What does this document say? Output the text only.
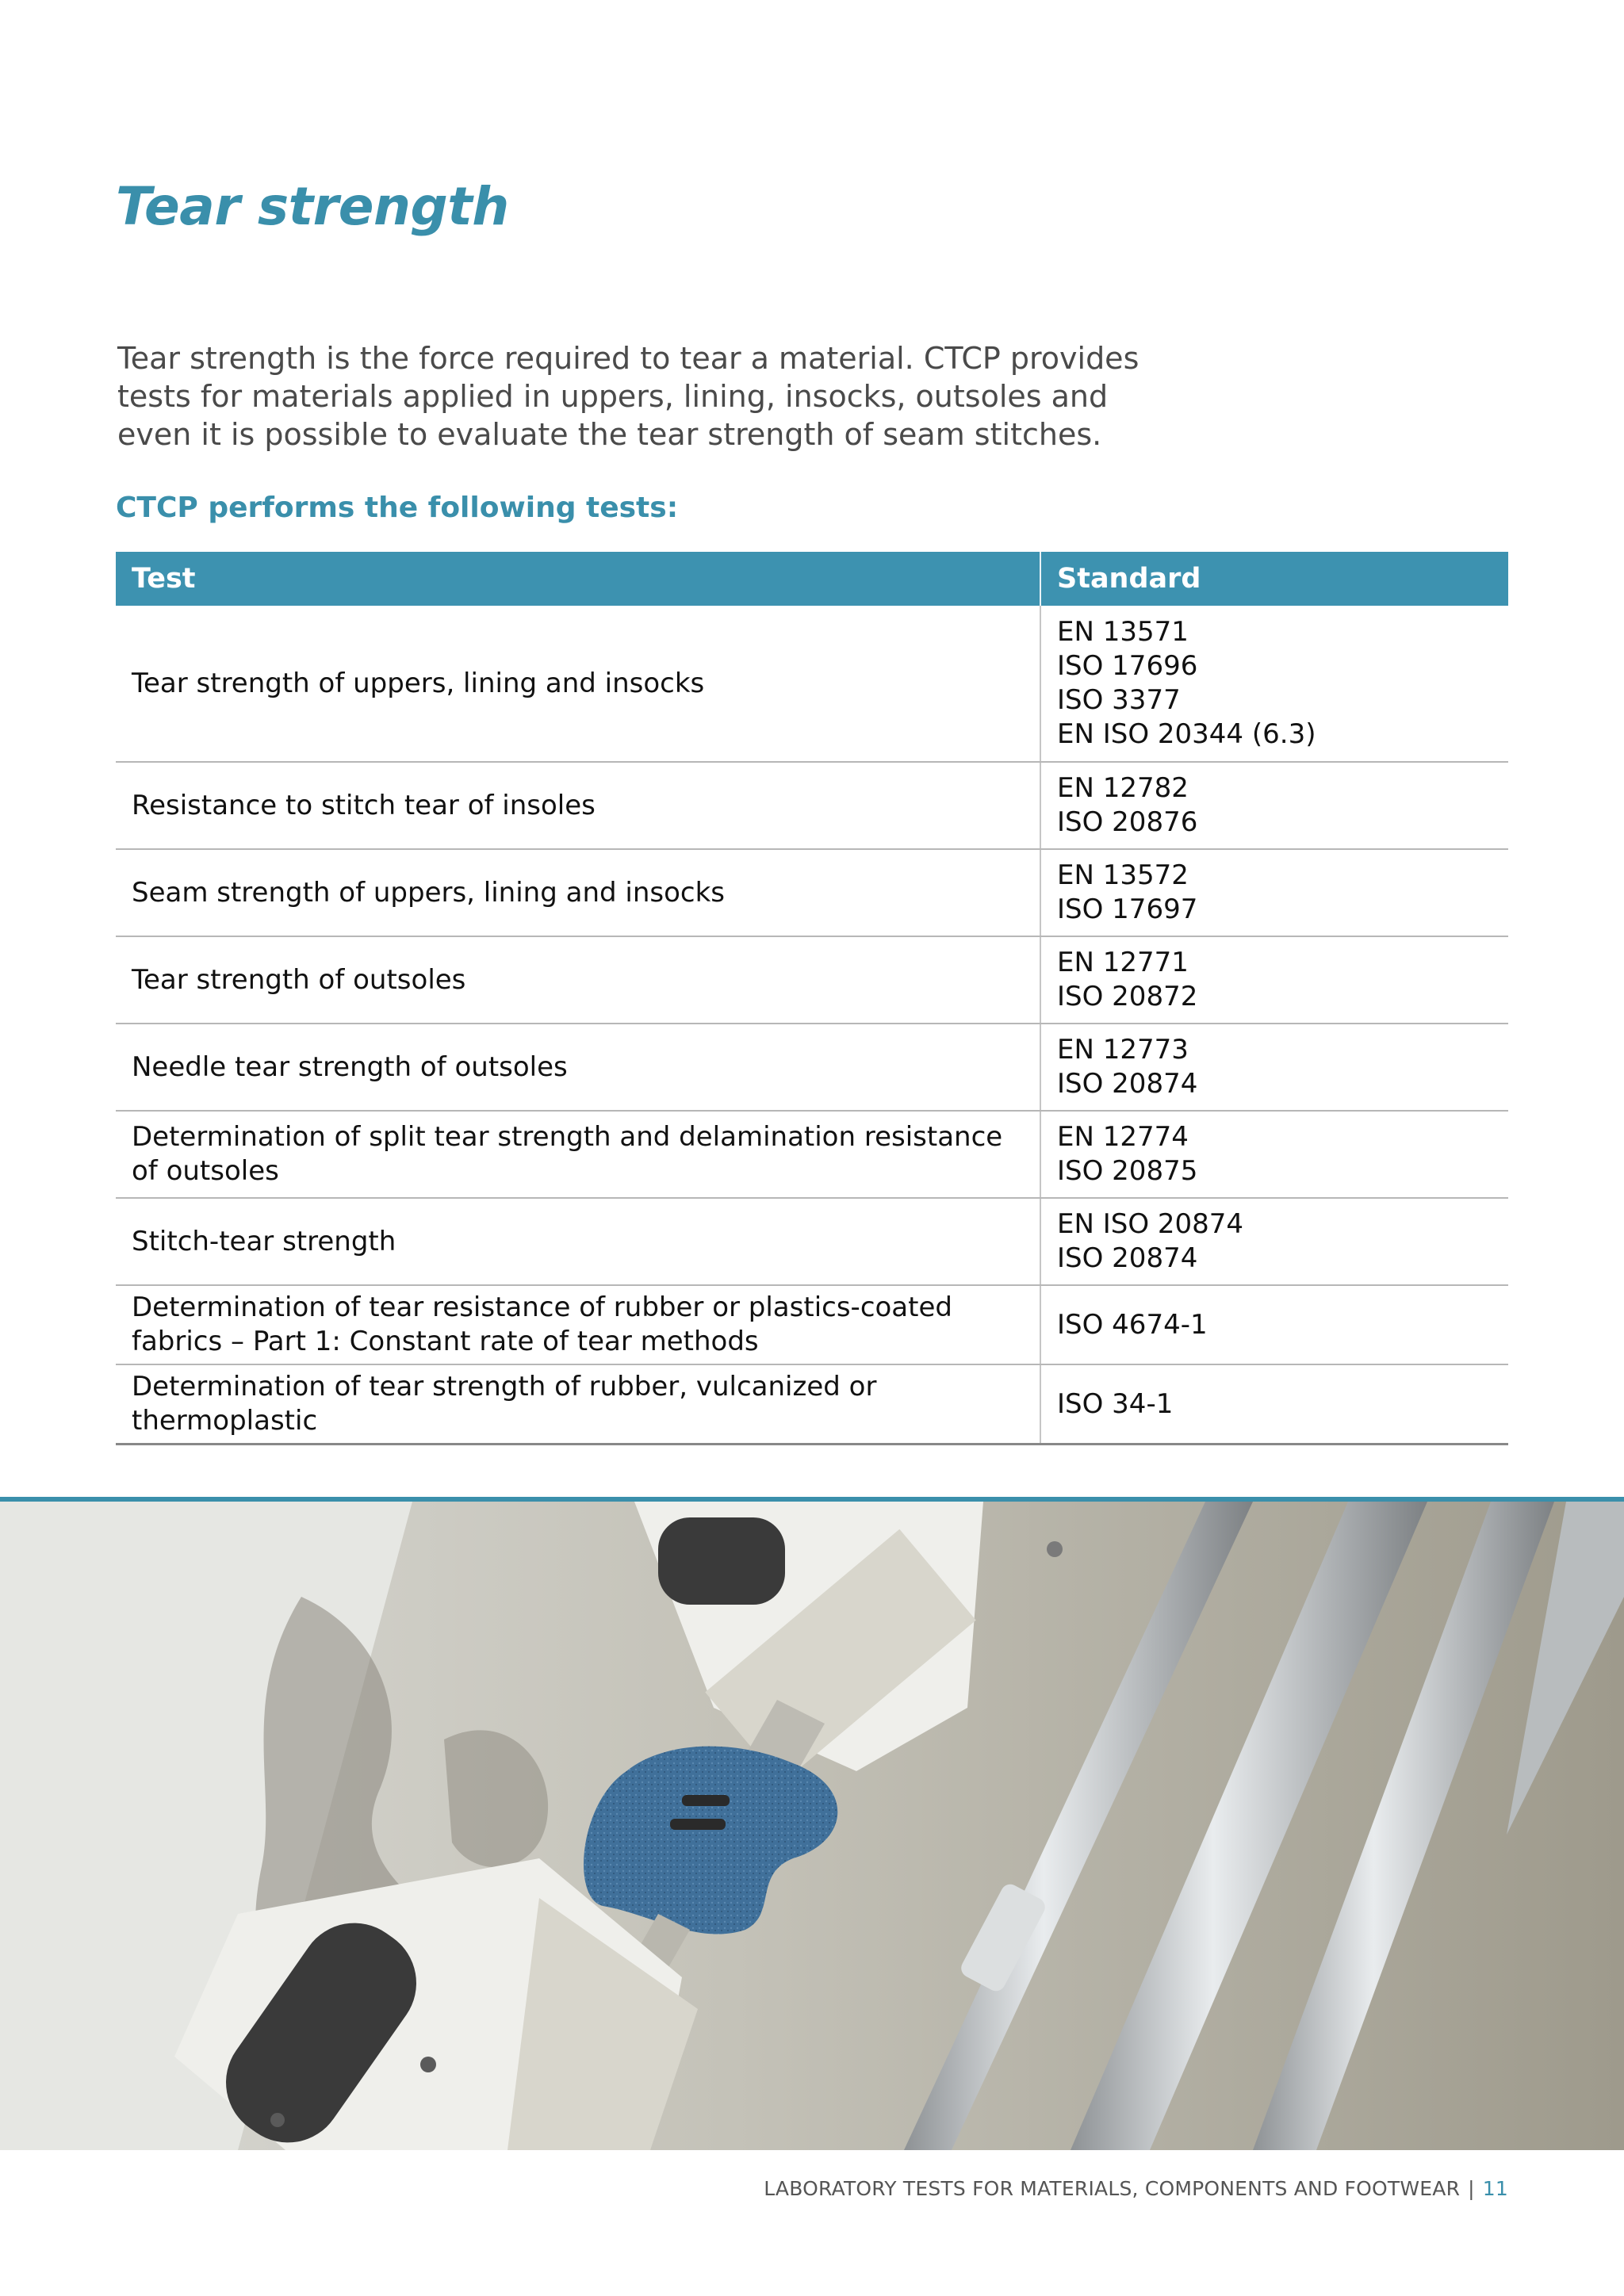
Tear strength

Tear strength is the force required to tear a material. CTCP provides tests for materials applied in uppers, lining, insocks, outsoles and even it is possible to evaluate the tear strength of seam stitches.

CTCP performs the following tests:
Test	Standard
Tear strength of uppers, lining and insocks	EN 13571
ISO 17696
ISO 3377
EN ISO 20344 (6.3)

Resistance to stitch tear of insoles	EN 12782
ISO 20876

Seam strength of uppers, lining and insocks	EN 13572
ISO 17697

Tear strength of outsoles	EN 12771
ISO 20872

Needle tear strength of outsoles	EN 12773
ISO 20874

Determination of split tear strength and delamination resistance of outsoles	EN 12774
ISO 20875

Stitch-tear strength	EN ISO 20874
ISO 20874

Determination of tear resistance of rubber or plastics-coated fabrics – Part 1: Constant rate of tear methods	ISO 4674-1

Determination of tear strength of rubber, vulcanized or thermoplastic	ISO 34-1
LABORATORY TESTS FOR MATERIALS, COMPONENTS AND FOOTWEAR | 11
